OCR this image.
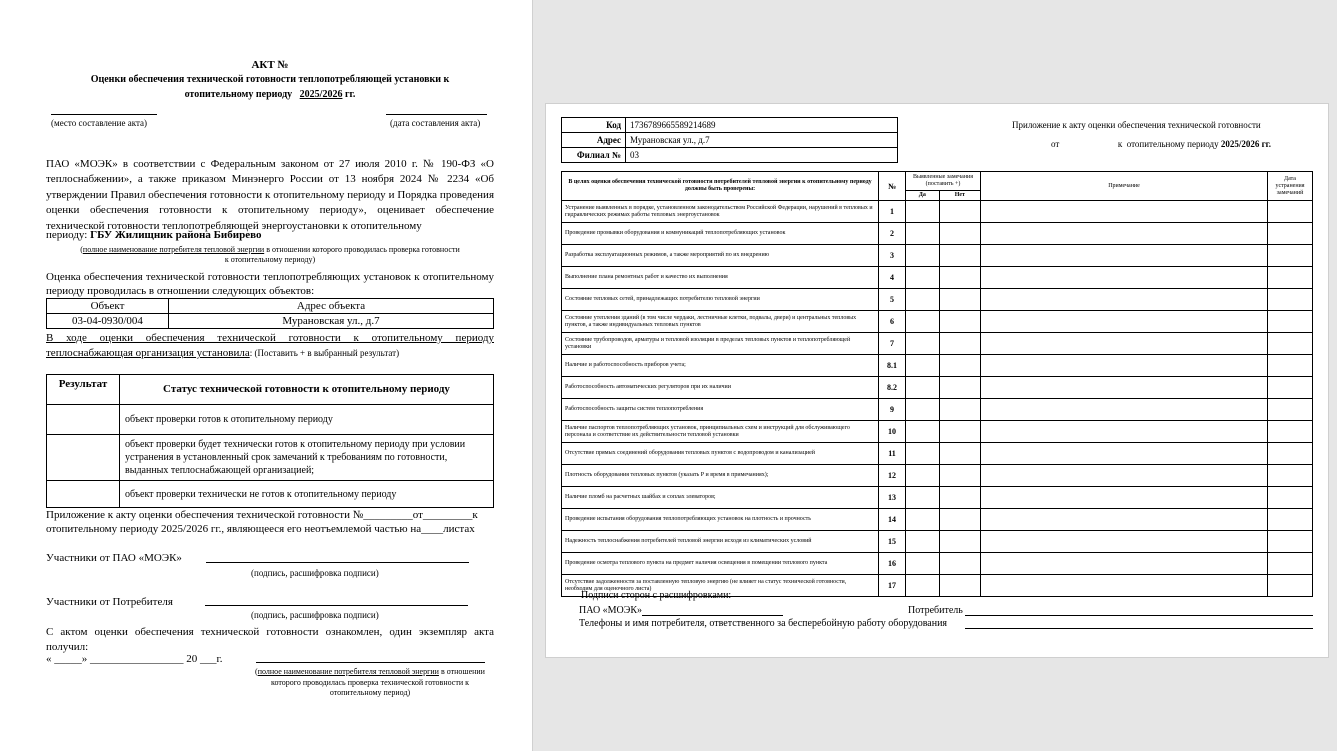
АКТ №
Оценки обеспечения технической готовности теплопотребляющей установки к
отопительному периоду 2025/2026 гг.
(место составление акта)	(дата составления акта)
ПАО «МОЭК» в соответствии с Федеральным законом от 27 июля 2010 г. № 190-ФЗ «О теплоснабжении», а также приказом Минэнерго России от 13 ноября 2024 № 2234 «Об утверждении Правил обеспечения готовности к отопительному периоду и Порядка проведения оценки обеспечения готовности к отопительному периоду», оценивает обеспечение технической готовности теплопотребляющей энергоустановки к отопительному
периоду: ГБУ Жилищник района Бибирево
(полное наименование потребителя тепловой энергии в отношении которого проводилась проверка готовности
к отопительному периоду)
Оценка обеспечения технической готовности теплопотребляющих установок к отопительному периоду проводилась в отношении следующих объектов:
Объект	Адрес объекта
03-04-0930/004	Мурановская ул., д.7
В ходе оценки обеспечения технической готовности к отопительному периоду теплоснабжающая организация установила: (Поставить + в выбранный результат)
Результат	Статус технической готовности к отопительному периоду
	объект проверки готов к отопительному периоду
	объект проверки будет технически готов к отопительному периоду при условии устранения в установленный срок замечаний к требованиям по готовности, выданных теплоснабжающей организацией;
	объект проверки технически не готов к отопительному периоду
Приложение к акту оценки обеспечения технической готовности №_________от_________к
отопительному периоду 2025/2026 гг., являющееся его неотъемлемой частью на____листах
Участники от ПАО «МОЭК»
(подпись, расшифровка подписи)
Участники от Потребителя
(подпись, расшифровка подписи)
С актом оценки обеспечения технической готовности ознакомлен, один экземпляр акта получил:
« _____» _________________ 20 ___г.
(полное наименование потребителя тепловой энергии в отношении
которого проводилась проверка технической готовности к
отопительному период)
Код	1736789665589214689
Адрес	Мурановская ул., д.7
Филиал №	03
Приложение к акту оценки обеспечения технической готовности
от	к отопительному периоду 2025/2026 гг.
В целях оценки обеспечения технической готовности потребителей тепловой энергии к отопительному периоду должны быть проверены:	№	Выявленные замечания (поставить +)		Примечание	Дата устранения замечаний
		Да	Нет		
Устранение выявленных в порядке, установленном законодательством Российской Федерации, нарушений в тепловых и гидравлических режимах работы тепловых энергоустановок	1				
Проведение промывки оборудования и коммуникаций теплопотребляющих установок	2				
Разработка эксплуатационных режимов, а также мероприятий по их внедрению	3				
Выполнение плана ремонтных работ и качество их выполнения	4				
Состояние тепловых сетей, принадлежащих потребителю тепловой энергии	5				
Состояние утепления зданий (в том числе чердаки, лестничные клетки, подвалы, двери) и центральных тепловых пунктов, а также индивидуальных тепловых пунктов	6				
Состояние трубопроводов, арматуры и тепловой изоляции в пределах тепловых пунктов и теплопотребляющей установки	7				
Наличие и работоспособность приборов учета;	8.1				
Работоспособность автоматических регуляторов при их наличии	8.2				
Работоспособность защиты систем теплопотребления	9				
Наличие паспортов теплопотребляющих установок, принципиальных схем и инструкций для обслуживающего персонала и соответствие их действительности тепловой установки	10				
Отсутствие прямых соединений оборудования тепловых пунктов с водопроводом и канализацией	11				
Плотность оборудования тепловых пунктов (указать Р и время в примечаниях);	12				
Наличие пломб на расчетных шайбах и соплах элеваторов;	13				
Проведение испытания оборудования теплопотребляющих установок на плотность и прочность	14				
Надежность теплоснабжения потребителей тепловой энергии исходя из климатических условий	15				
Проведение осмотра теплового пункта на предмет наличия освещения в помещении теплового пункта	16				
Отсутствие задолженности за поставленную тепловую энергию (не влияет на статус технической готовности, необходим для оценочного листа)	17				
Подписи сторон с расшифровками:
ПАО «МОЭК»	Потребитель
Телефоны и имя потребителя, ответственного за бесперебойную работу оборудования
